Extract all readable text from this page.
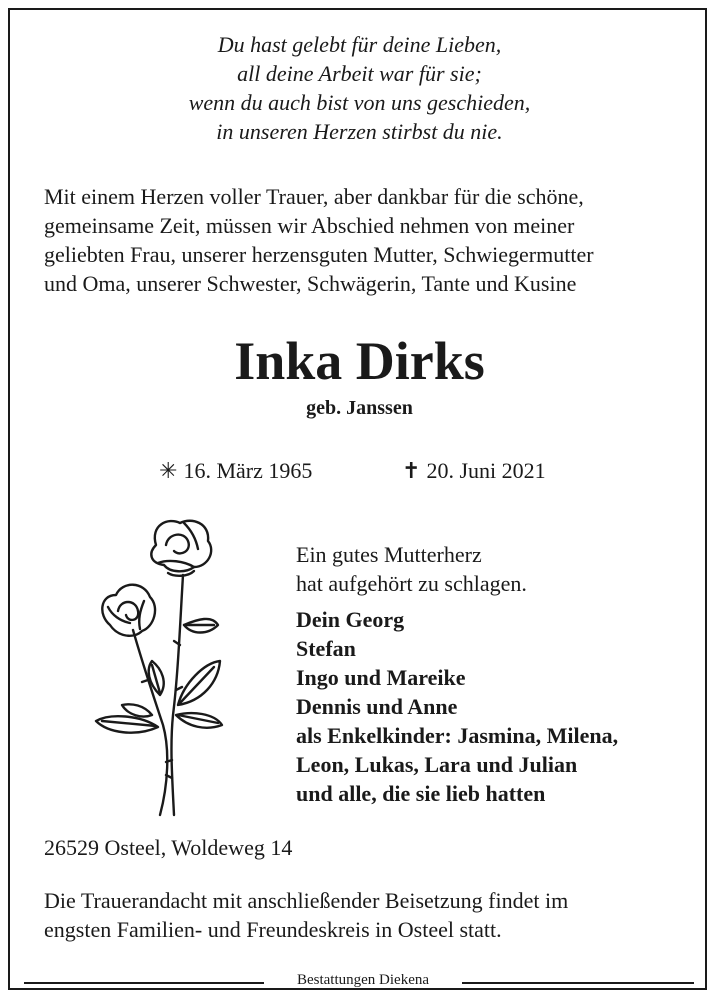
Du hast gelebt für deine Lieben,
all deine Arbeit war für sie;
wenn du auch bist von uns geschieden,
in unseren Herzen stirbst du nie.
Mit einem Herzen voller Trauer, aber dankbar für die schöne,
gemeinsame Zeit, müssen wir Abschied nehmen von meiner
geliebten Frau, unserer herzensguten Mutter, Schwiegermutter
und Oma, unserer Schwester, Schwägerin, Tante und Kusine
Inka Dirks
geb. Janssen
✳ 16. März 1965	✝ 20. Juni 2021
Ein gutes Mutterherz
hat aufgehört zu schlagen.
Dein Georg
Stefan
Ingo und Mareike
Dennis und Anne
als Enkelkinder: Jasmina, Milena,
Leon, Lukas, Lara und Julian
und alle, die sie lieb hatten
26529 Osteel, Woldeweg 14
Die Trauerandacht mit anschließender Beisetzung findet im
engsten Familien- und Freundeskreis in Osteel statt.
Bestattungen Diekena
